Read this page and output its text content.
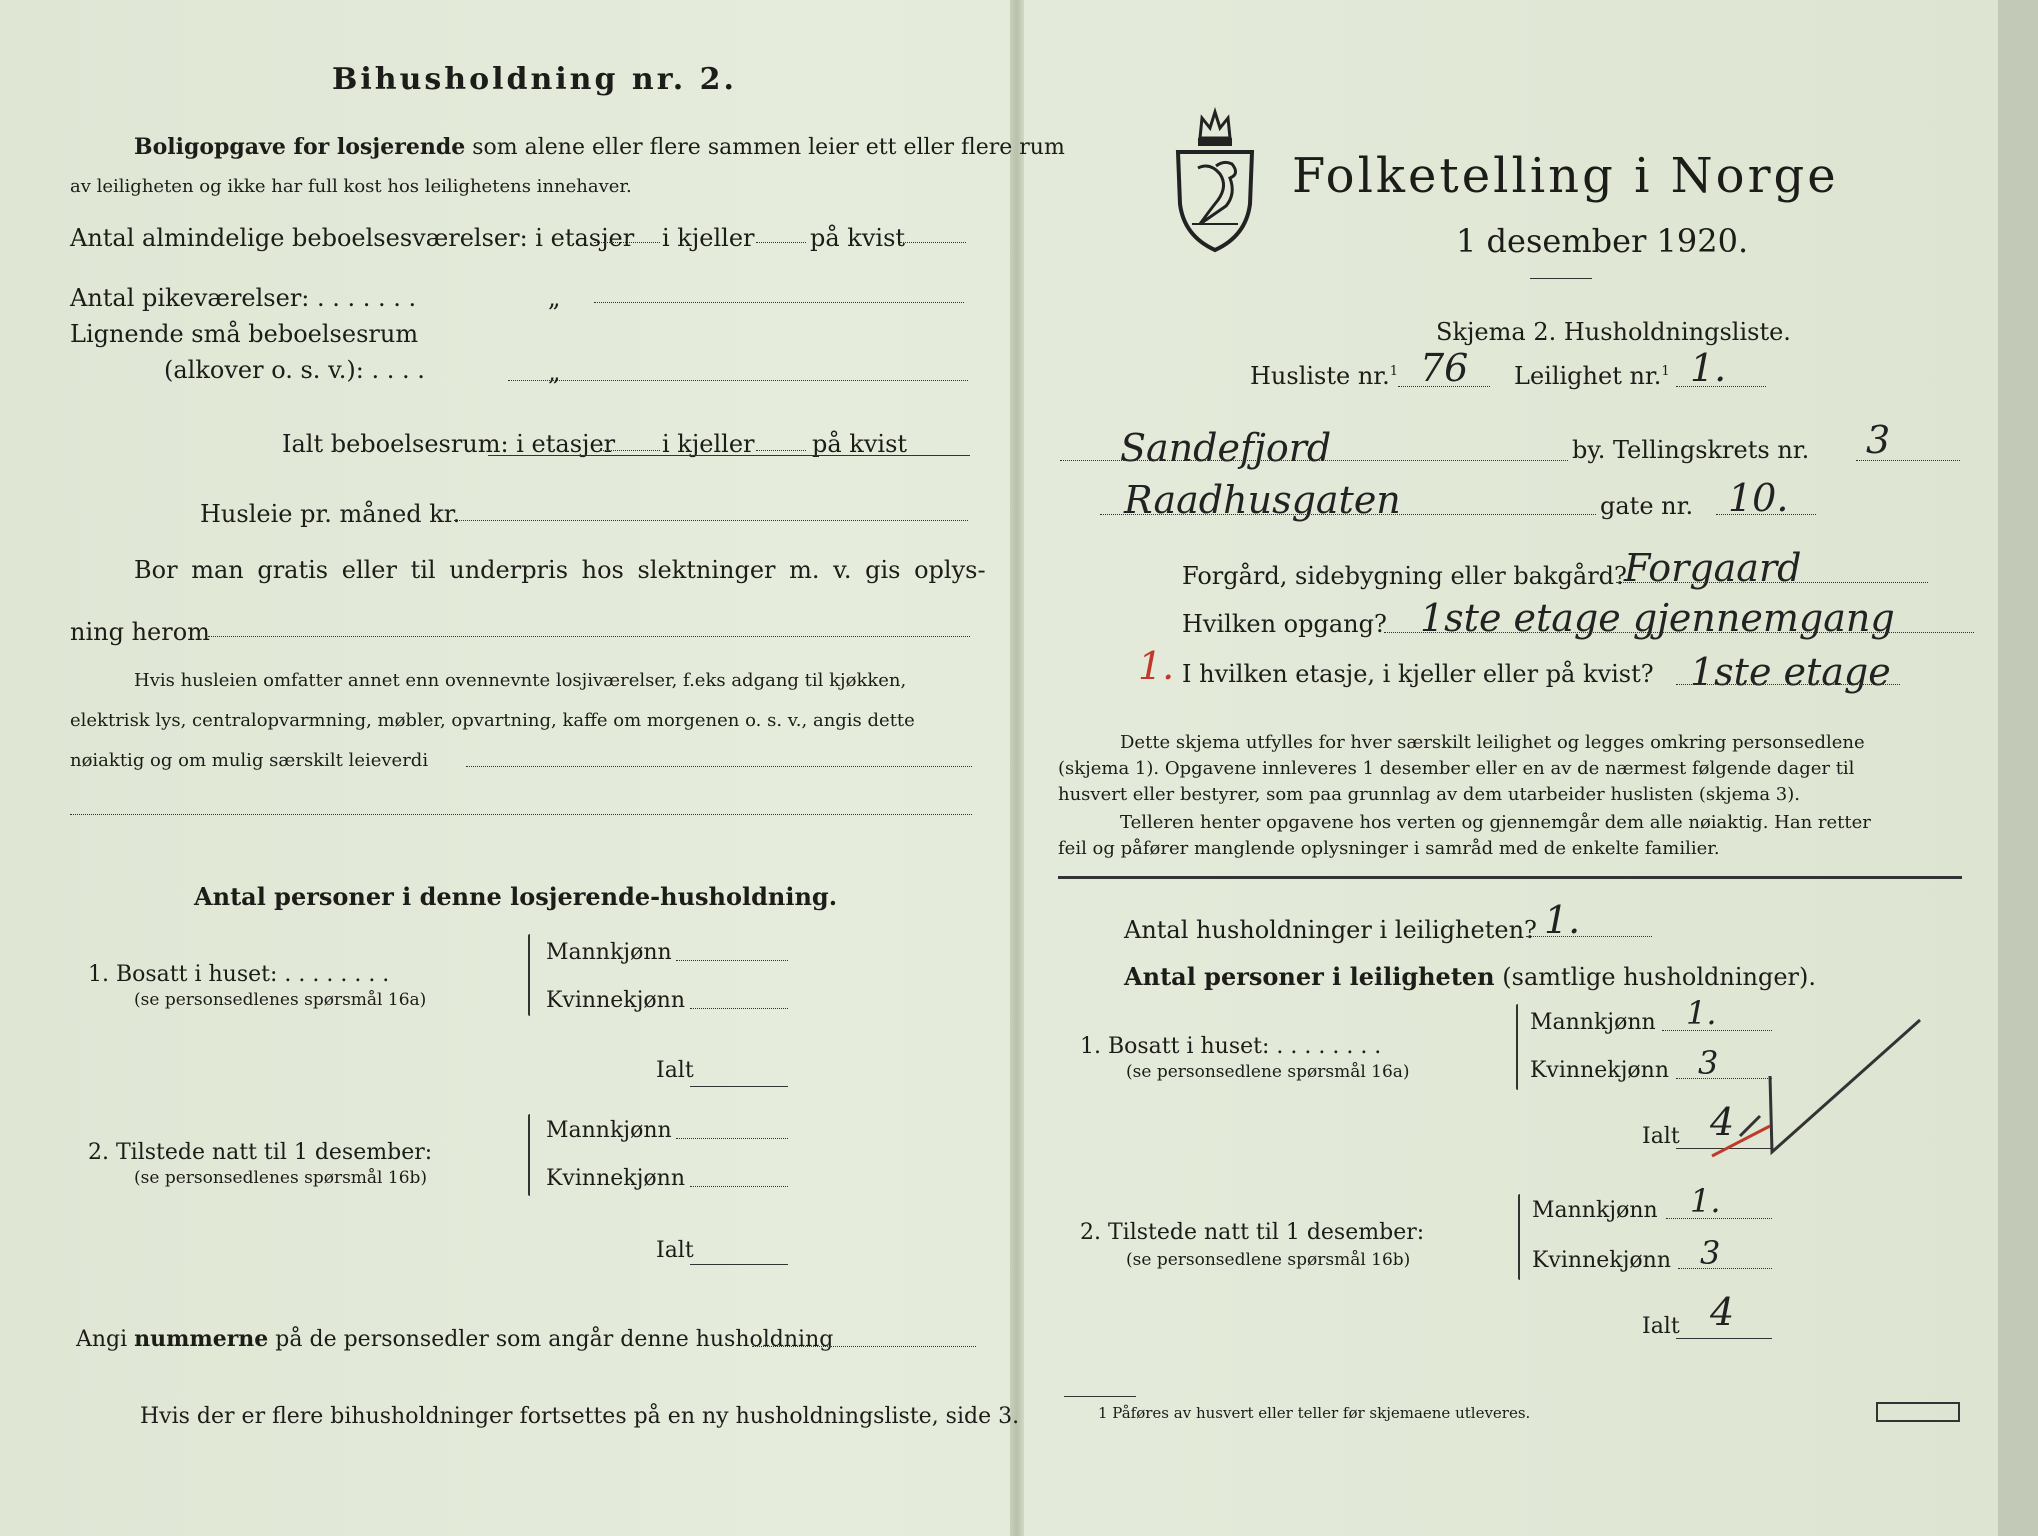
Bihusholdning nr. 2.
Boligopgave for losjerende som alene eller flere sammen leier ett eller flere rum
av leiligheten og ikke har full kost hos leilighetens innehaver.
Antal almindelige beboelsesværelser: i etasjer i kjeller på kvist
Antal pikeværelser: . . . . . . .	„
Lignende små beboelsesrum
(alkover o. s. v.): . . . .	„
Ialt beboelsesrum: i etasjer i kjeller på kvist
Husleie pr. måned kr.
Bor man gratis eller til underpris hos slektninger m. v. gis oplys-
ning herom
Hvis husleien omfatter annet enn ovennevnte losjiværelser, f.eks adgang til kjøkken,
elektrisk lys, centralopvarmning, møbler, opvartning, kaffe om morgenen o. s. v., angis dette
nøiaktig og om mulig særskilt leieverdi
Antal personer i denne losjerende-husholdning.
1. Bosatt i huset: . . . . . . . .
(se personsedlenes spørsmål 16a)
Mannkjønn
Kvinnekjønn
Ialt
2. Tilstede natt til 1 desember:
(se personsedlenes spørsmål 16b)
Mannkjønn
Kvinnekjønn
Ialt
Angi nummerne på de personsedler som angår denne husholdning
Hvis der er flere bihusholdninger fortsettes på en ny husholdningsliste, side 3.
Folketelling i Norge
1 desember 1920.
Skjema 2. Husholdningsliste.
Husliste nr.$^1$ 76 Leilighet nr.$^1$ 1.
Sandefjord	by. Tellingskrets nr. 3
Raadhusgaten	gate nr. 10.
Forgård, sidebygning eller bakgård?
Forgaard
Hvilken opgang? 1ste etage gjennemgang
1. I hvilken etasje, i kjeller eller på kvist? 1ste etage
Dette skjema utfylles for hver særskilt leilighet og legges omkring personsedlene
(skjema 1). Opgavene innleveres 1 desember eller en av de nærmest følgende dager til
husvert eller bestyrer, som paa grunnlag av dem utarbeider huslisten (skjema 3).
Telleren henter opgavene hos verten og gjennemgår dem alle nøiaktig. Han retter
feil og påfører manglende oplysninger i samråd med de enkelte familier.
Antal husholdninger i leiligheten? 1.
Antal personer i leiligheten (samtlige husholdninger).
1. Bosatt i huset: . . . . . . . .
(se personsedlene spørsmål 16a)
Mannkjønn 1.
Kvinnekjønn 3
Ialt 4
2. Tilstede natt til 1 desember:
(se personsedlene spørsmål 16b)
Mannkjønn 1.
Kvinnekjønn 3
Ialt 4
1 Påføres av husvert eller teller før skjemaene utleveres.
